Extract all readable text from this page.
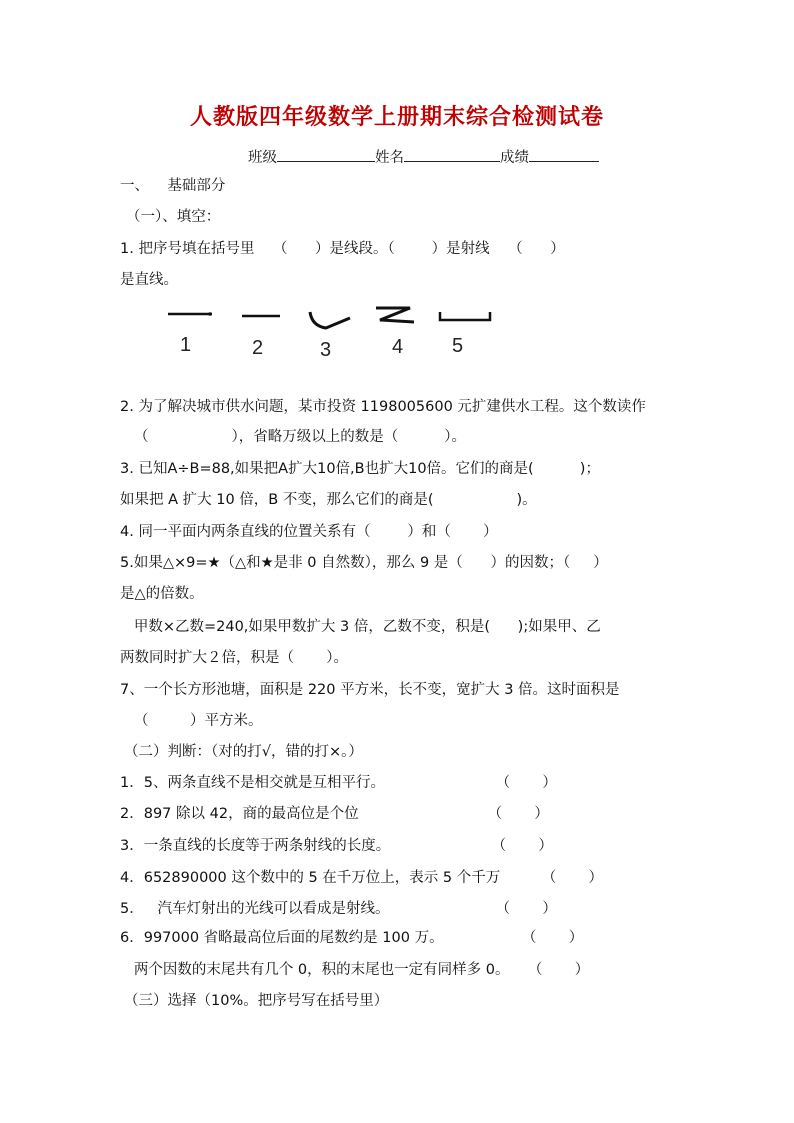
人教版四年级数学上册期末综合检测试卷
班级	姓名	成绩
一、    基础部分
（一）、填空：
1. 把序号填在括号里    （      ）是线段。（        ）是射线    （      ）
是直线。
1	2	3	4 5
2. 为了解决城市供水问题，某市投资 1198005600 元扩建供水工程。这个数读作
（                  ），省略万级以上的数是（          ）。
3. 已知A÷B=88,如果把A扩大10倍,B也扩大10倍。它们的商是(          )；
如果把 A 扩大 10 倍，B 不变，那么它们的商是(                  )。
4. 同一平面内两条直线的位置关系有（        ）和（       ）
5.如果△×9=★（△和★是非 0 自然数），那么 9 是（      ）的因数；（     ）
是△的倍数。
甲数×乙数=240,如果甲数扩大 3 倍，乙数不变，积是(      );如果甲、乙
两数同时扩大２倍，积是（       ）。
7、一个长方形池塘，面积是 220 平方米，长不变，宽扩大 3 倍。这时面积是
（         ）平方米。
（二）判断：（对的打√，错的打×。）
1．5、两条直线不是相交就是互相平行。                        （       ）
2．897 除以 42，商的最高位是个位                            （       ）
3．一条直线的长度等于两条射线的长度。                      （       ）
4．652890000 这个数中的 5 在千万位上，表示 5 个千万         （       ）
5．   汽车灯射出的光线可以看成是射线。                       （       ）
6．997000 省略最高位后面的尾数约是 100 万。                 （       ）
两个因数的末尾共有几个 0，积的末尾也一定有同样多 0。    （       ）
（三）选择（10%。把序号写在括号里）
